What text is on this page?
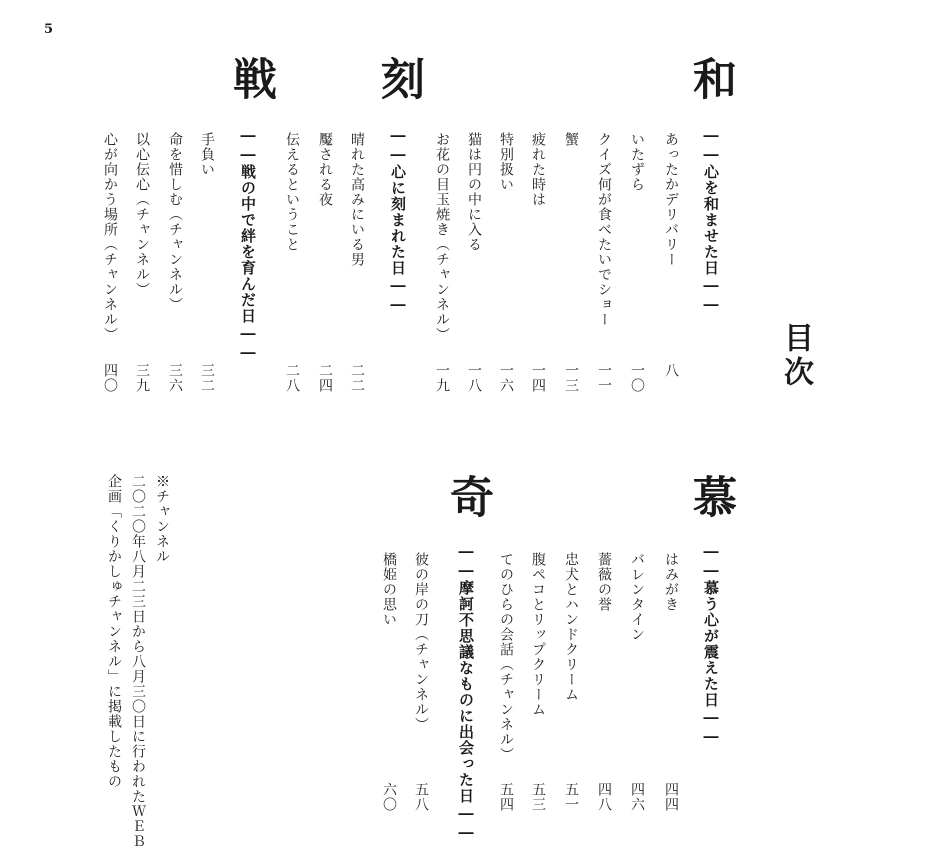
5
目次
和
――心を和ませた日――
あったかデリバリー
八
いたずら
一〇
クイズ何が食べたいでショー
一一
蟹
一三
疲れた時は
一四
特別扱い
一六
猫は円の中に入る
一八
お花の目玉焼き（チャンネル）
一九
刻
――心に刻まれた日――
晴れた高みにいる男
二二
魘される夜
二四
伝えるということ
二八
戦
――戦の中で絆を育んだ日――
手負い
三二
命を惜しむ（チャンネル）
三六
以心伝心（チャンネル）
三九
心が向かう場所（チャンネル）
四〇
慕
――慕う心が震えた日――
はみがき
四四
バレンタイン
四六
薔薇の誉
四八
忠犬とハンドクリーム
五一
腹ペコとリップクリーム
五三
てのひらの会話（チャンネル）
五四
奇
――摩訶不思議なものに出会った日――
彼の岸の刀（チャンネル）
五八
橋姫の思い
六〇
※チャンネル
二〇二〇年八月二三日から八月三〇日に行われたＷＥＢ
企画「くりかしゅチャンネル」に掲載したもの
